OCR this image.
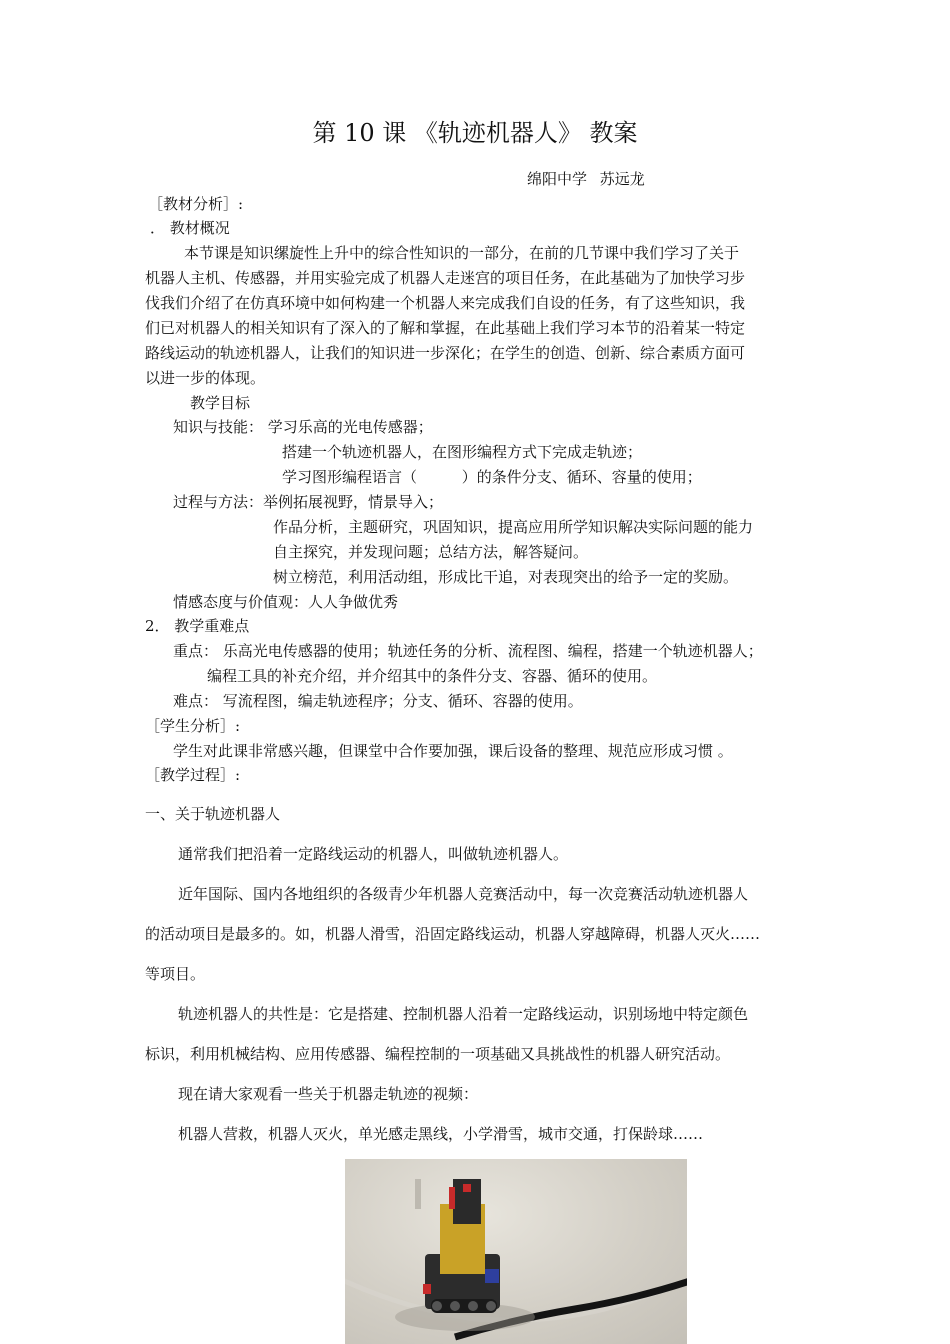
第 10 课 《轨迹机器人》 教案
绵阳中学 苏远龙
［教材分析］:
． 教材概况
本节课是知识缧旋性上升中的综合性知识的一部分，在前的几节课中我们学习了关于
机器人主机、传感器，并用实验完成了机器人走迷宫的项目任务，在此基础为了加快学习步
伐我们介绍了在仿真环境中如何构建一个机器人来完成我们自设的任务，有了这些知识，我
们已对机器人的相关知识有了深入的了解和掌握，在此基础上我们学习本节的沿着某一特定
路线运动的轨迹机器人，让我们的知识进一步深化；在学生的创造、创新、综合素质方面可
以进一步的体现。
教学目标
知识与技能： 学习乐高的光电传感器；
搭建一个轨迹机器人，在图形编程方式下完成走轨迹；
学习图形编程语言（ ）的条件分支、循环、容量的使用；
过程与方法：举例拓展视野，情景导入；
作品分析，主题研究，巩固知识，提高应用所学知识解决实际问题的能力
自主探究，并发现问题；总结方法，解答疑问。
树立榜范，利用活动组，形成比干追，对表现突出的给予一定的奖励。
情感态度与价值观：人人争做优秀
2． 教学重难点
重点： 乐高光电传感器的使用；轨迹任务的分析、流程图、编程，搭建一个轨迹机器人；
编程工具的补充介绍，并介绍其中的条件分支、容器、循环的使用。
难点： 写流程图，编走轨迹程序；分支、循环、容器的使用。
［学生分析］:
学生对此课非常感兴趣，但课堂中合作要加强，课后设备的整理、规范应形成习惯 。
［教学过程］:
一、关于轨迹机器人
通常我们把沿着一定路线运动的机器人，叫做轨迹机器人。
近年国际、国内各地组织的各级青少年机器人竞赛活动中，每一次竞赛活动轨迹机器人
的活动项目是最多的。如，机器人滑雪，沿固定路线运动，机器人穿越障碍，机器人灭火……
等项目。
轨迹机器人的共性是：它是搭建、控制机器人沿着一定路线运动，识别场地中特定颜色
标识，利用机械结构、应用传感器、编程控制的一项基础又具挑战性的机器人研究活动。
现在请大家观看一些关于机器走轨迹的视频：
机器人营救，机器人灭火，单光感走黑线，小学滑雪，城市交通，打保龄球……
